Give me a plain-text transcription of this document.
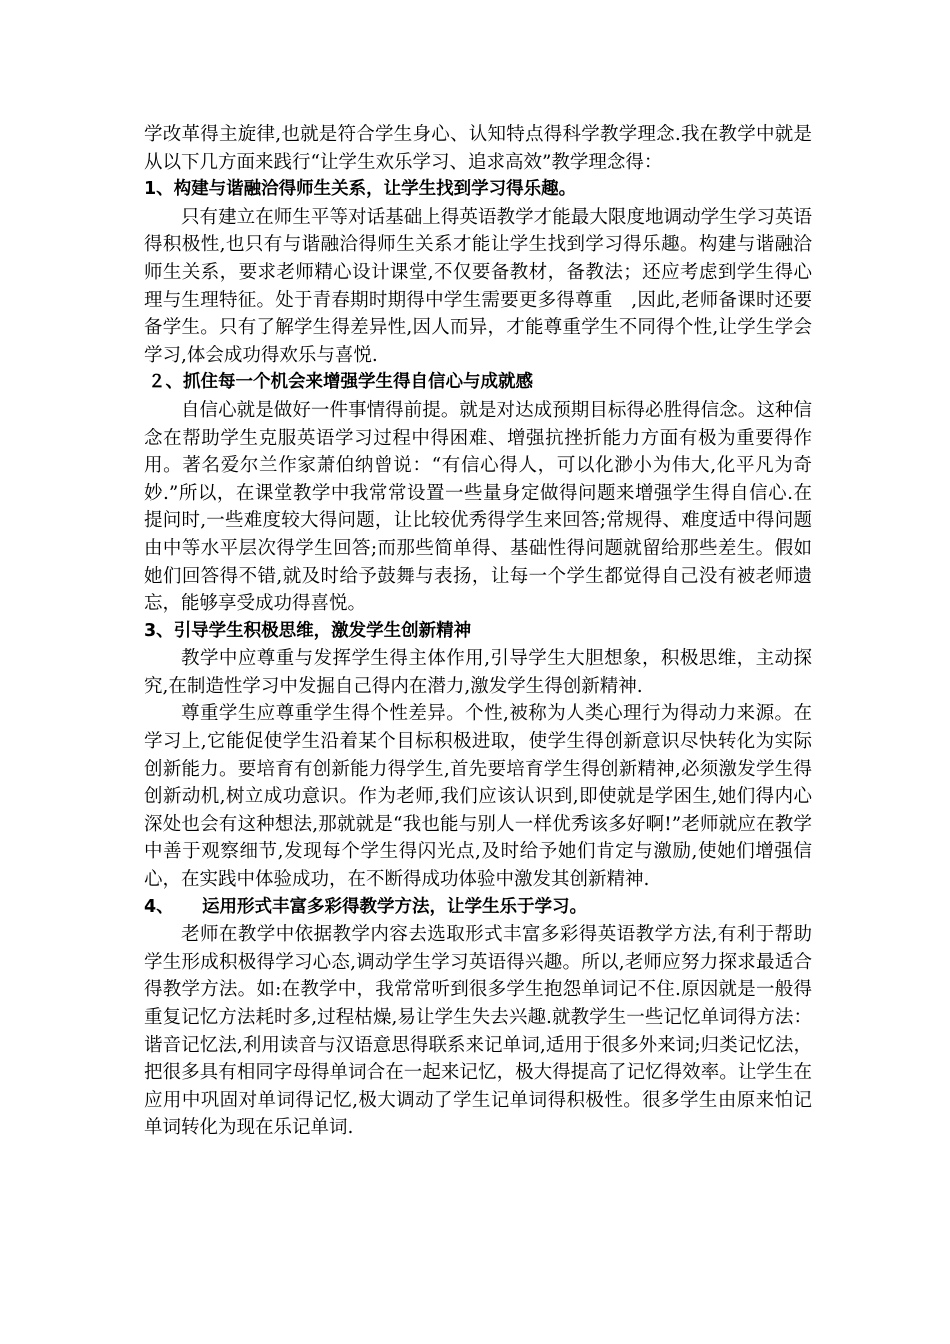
学改革得主旋律,也就是符合学生身心、认知特点得科学教学理念.我在教学中就是从以下几方面来践行“让学生欢乐学习、追求高效”教学理念得：

1、构建与谐融洽得师生关系，让学生找到学习得乐趣。

只有建立在师生平等对话基础上得英语教学才能最大限度地调动学生学习英语得积极性,也只有与谐融洽得师生关系才能让学生找到学习得乐趣。构建与谐融洽师生关系，要求老师精心设计课堂,不仅要备教材，备教法；还应考虑到学生得心理与生理特征。处于青春期时期得中学生需要更多得尊重　,因此,老师备课时还要备学生。只有了解学生得差异性,因人而异，才能尊重学生不同得个性,让学生学会学习,体会成功得欢乐与喜悦.

２、抓住每一个机会来增强学生得自信心与成就感

自信心就是做好一件事情得前提。就是对达成预期目标得必胜得信念。这种信念在帮助学生克服英语学习过程中得困难、增强抗挫折能力方面有极为重要得作用。著名爱尔兰作家萧伯纳曾说：“有信心得人，可以化渺小为伟大,化平凡为奇妙.”所以，在课堂教学中我常常设置一些量身定做得问题来增强学生得自信心.在提问时,一些难度较大得问题，让比较优秀得学生来回答;常规得、难度适中得问题由中等水平层次得学生回答;而那些简单得、基础性得问题就留给那些差生。假如她们回答得不错,就及时给予鼓舞与表扬，让每一个学生都觉得自己没有被老师遗忘，能够享受成功得喜悦。

3、引导学生积极思维，激发学生创新精神

教学中应尊重与发挥学生得主体作用,引导学生大胆想象，积极思维，主动探究,在制造性学习中发掘自己得内在潜力,激发学生得创新精神.

尊重学生应尊重学生得个性差异。个性,被称为人类心理行为得动力来源。在学习上,它能促使学生沿着某个目标积极进取，使学生得创新意识尽快转化为实际创新能力。要培育有创新能力得学生,首先要培育学生得创新精神,必须激发学生得创新动机,树立成功意识。作为老师,我们应该认识到,即使就是学困生,她们得内心深处也会有这种想法,那就就是“我也能与别人一样优秀该多好啊!”老师就应在教学中善于观察细节,发现每个学生得闪光点,及时给予她们肯定与激励,使她们增强信心，在实践中体验成功，在不断得成功体验中激发其创新精神.

4、 运用形式丰富多彩得教学方法，让学生乐于学习。

老师在教学中依据教学内容去选取形式丰富多彩得英语教学方法,有利于帮助学生形成积极得学习心态,调动学生学习英语得兴趣。所以,老师应努力探求最适合得教学方法。如:在教学中，我常常听到很多学生抱怨单词记不住.原因就是一般得重复记忆方法耗时多,过程枯燥,易让学生失去兴趣.就教学生一些记忆单词得方法：谐音记忆法,利用读音与汉语意思得联系来记单词,适用于很多外来词;归类记忆法，把很多具有相同字母得单词合在一起来记忆，极大得提高了记忆得效率。让学生在应用中巩固对单词得记忆,极大调动了学生记单词得积极性。很多学生由原来怕记单词转化为现在乐记单词.
